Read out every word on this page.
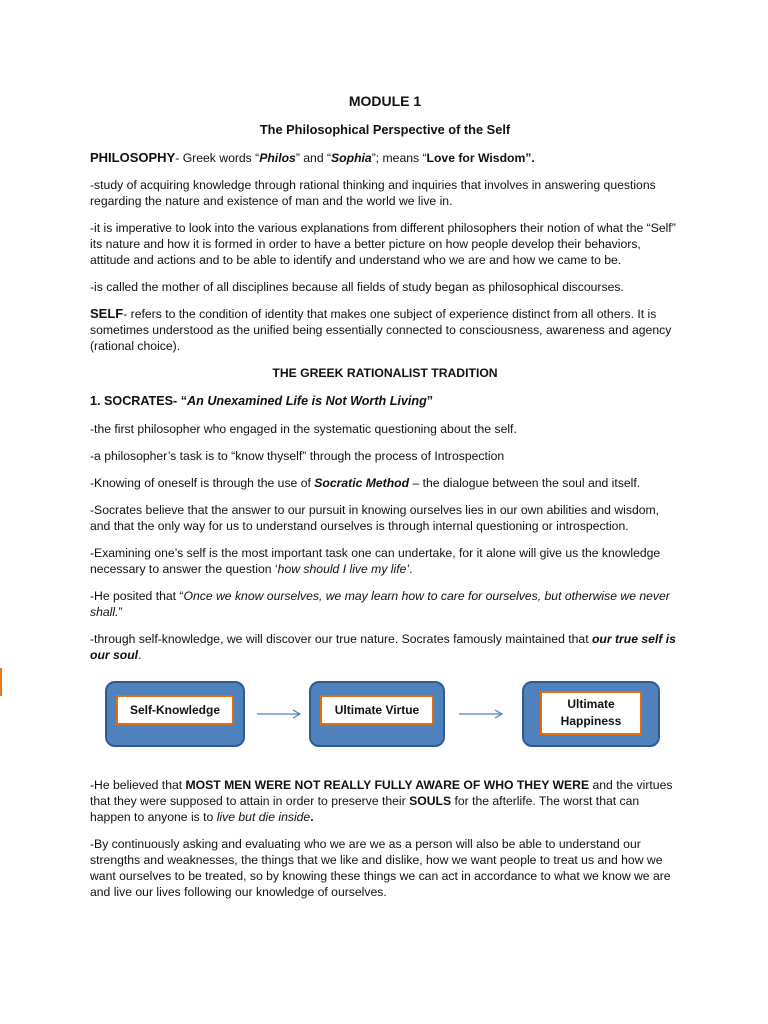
MODULE 1
The Philosophical Perspective of the Self

PHILOSOPHY- Greek words “Philos” and “Sophia”; means “Love for Wisdom”.

-study of acquiring knowledge through rational thinking and inquiries that involves in answering questions regarding the nature and existence of man and the world we live in.

-it is imperative to look into the various explanations from different philosophers their notion of what the “Self” its nature and how it is formed in order to have a better picture on how people develop their behaviors, attitude and actions and to be able to identify and understand who we are and how we came to be.

-is called the mother of all disciplines because all fields of study began as philosophical discourses.

SELF- refers to the condition of identity that makes one subject of experience distinct from all others. It is sometimes understood as the unified being essentially connected to consciousness, awareness and agency (rational choice).

THE GREEK RATIONALIST TRADITION
1. SOCRATES- “An Unexamined Life is Not Worth Living”

-the first philosopher who engaged in the systematic questioning about the self.

-a philosopher’s task is to “know thyself” through the process of Introspection

-Knowing of oneself is through the use of Socratic Method – the dialogue between the soul and itself.

-Socrates believe that the answer to our pursuit in knowing ourselves lies in our own abilities and wisdom, and that the only way for us to understand ourselves is through internal questioning or introspection.

-Examining one’s self is the most important task one can undertake, for it alone will give us the knowledge necessary to answer the question ‘how should I live my life’.

-He posited that “Once we know ourselves, we may learn how to care for ourselves, but otherwise we never shall.”

-through self-knowledge, we will discover our true nature. Socrates famously maintained that our true self is our soul.

Self-Knowledge	Ultimate Virtue	Ultimate
Happiness

-He believed that MOST MEN WERE NOT REALLY FULLY AWARE OF WHO THEY WERE and the virtues that they were supposed to attain in order to preserve their SOULS for the afterlife. The worst that can happen to anyone is to live but die inside.

-By continuously asking and evaluating who we are we as a person will also be able to understand our strengths and weaknesses, the things that we like and dislike, how we want people to treat us and how we want ourselves to be treated, so by knowing these things we can act in accordance to what we know we are and live our lives following our knowledge of ourselves.
